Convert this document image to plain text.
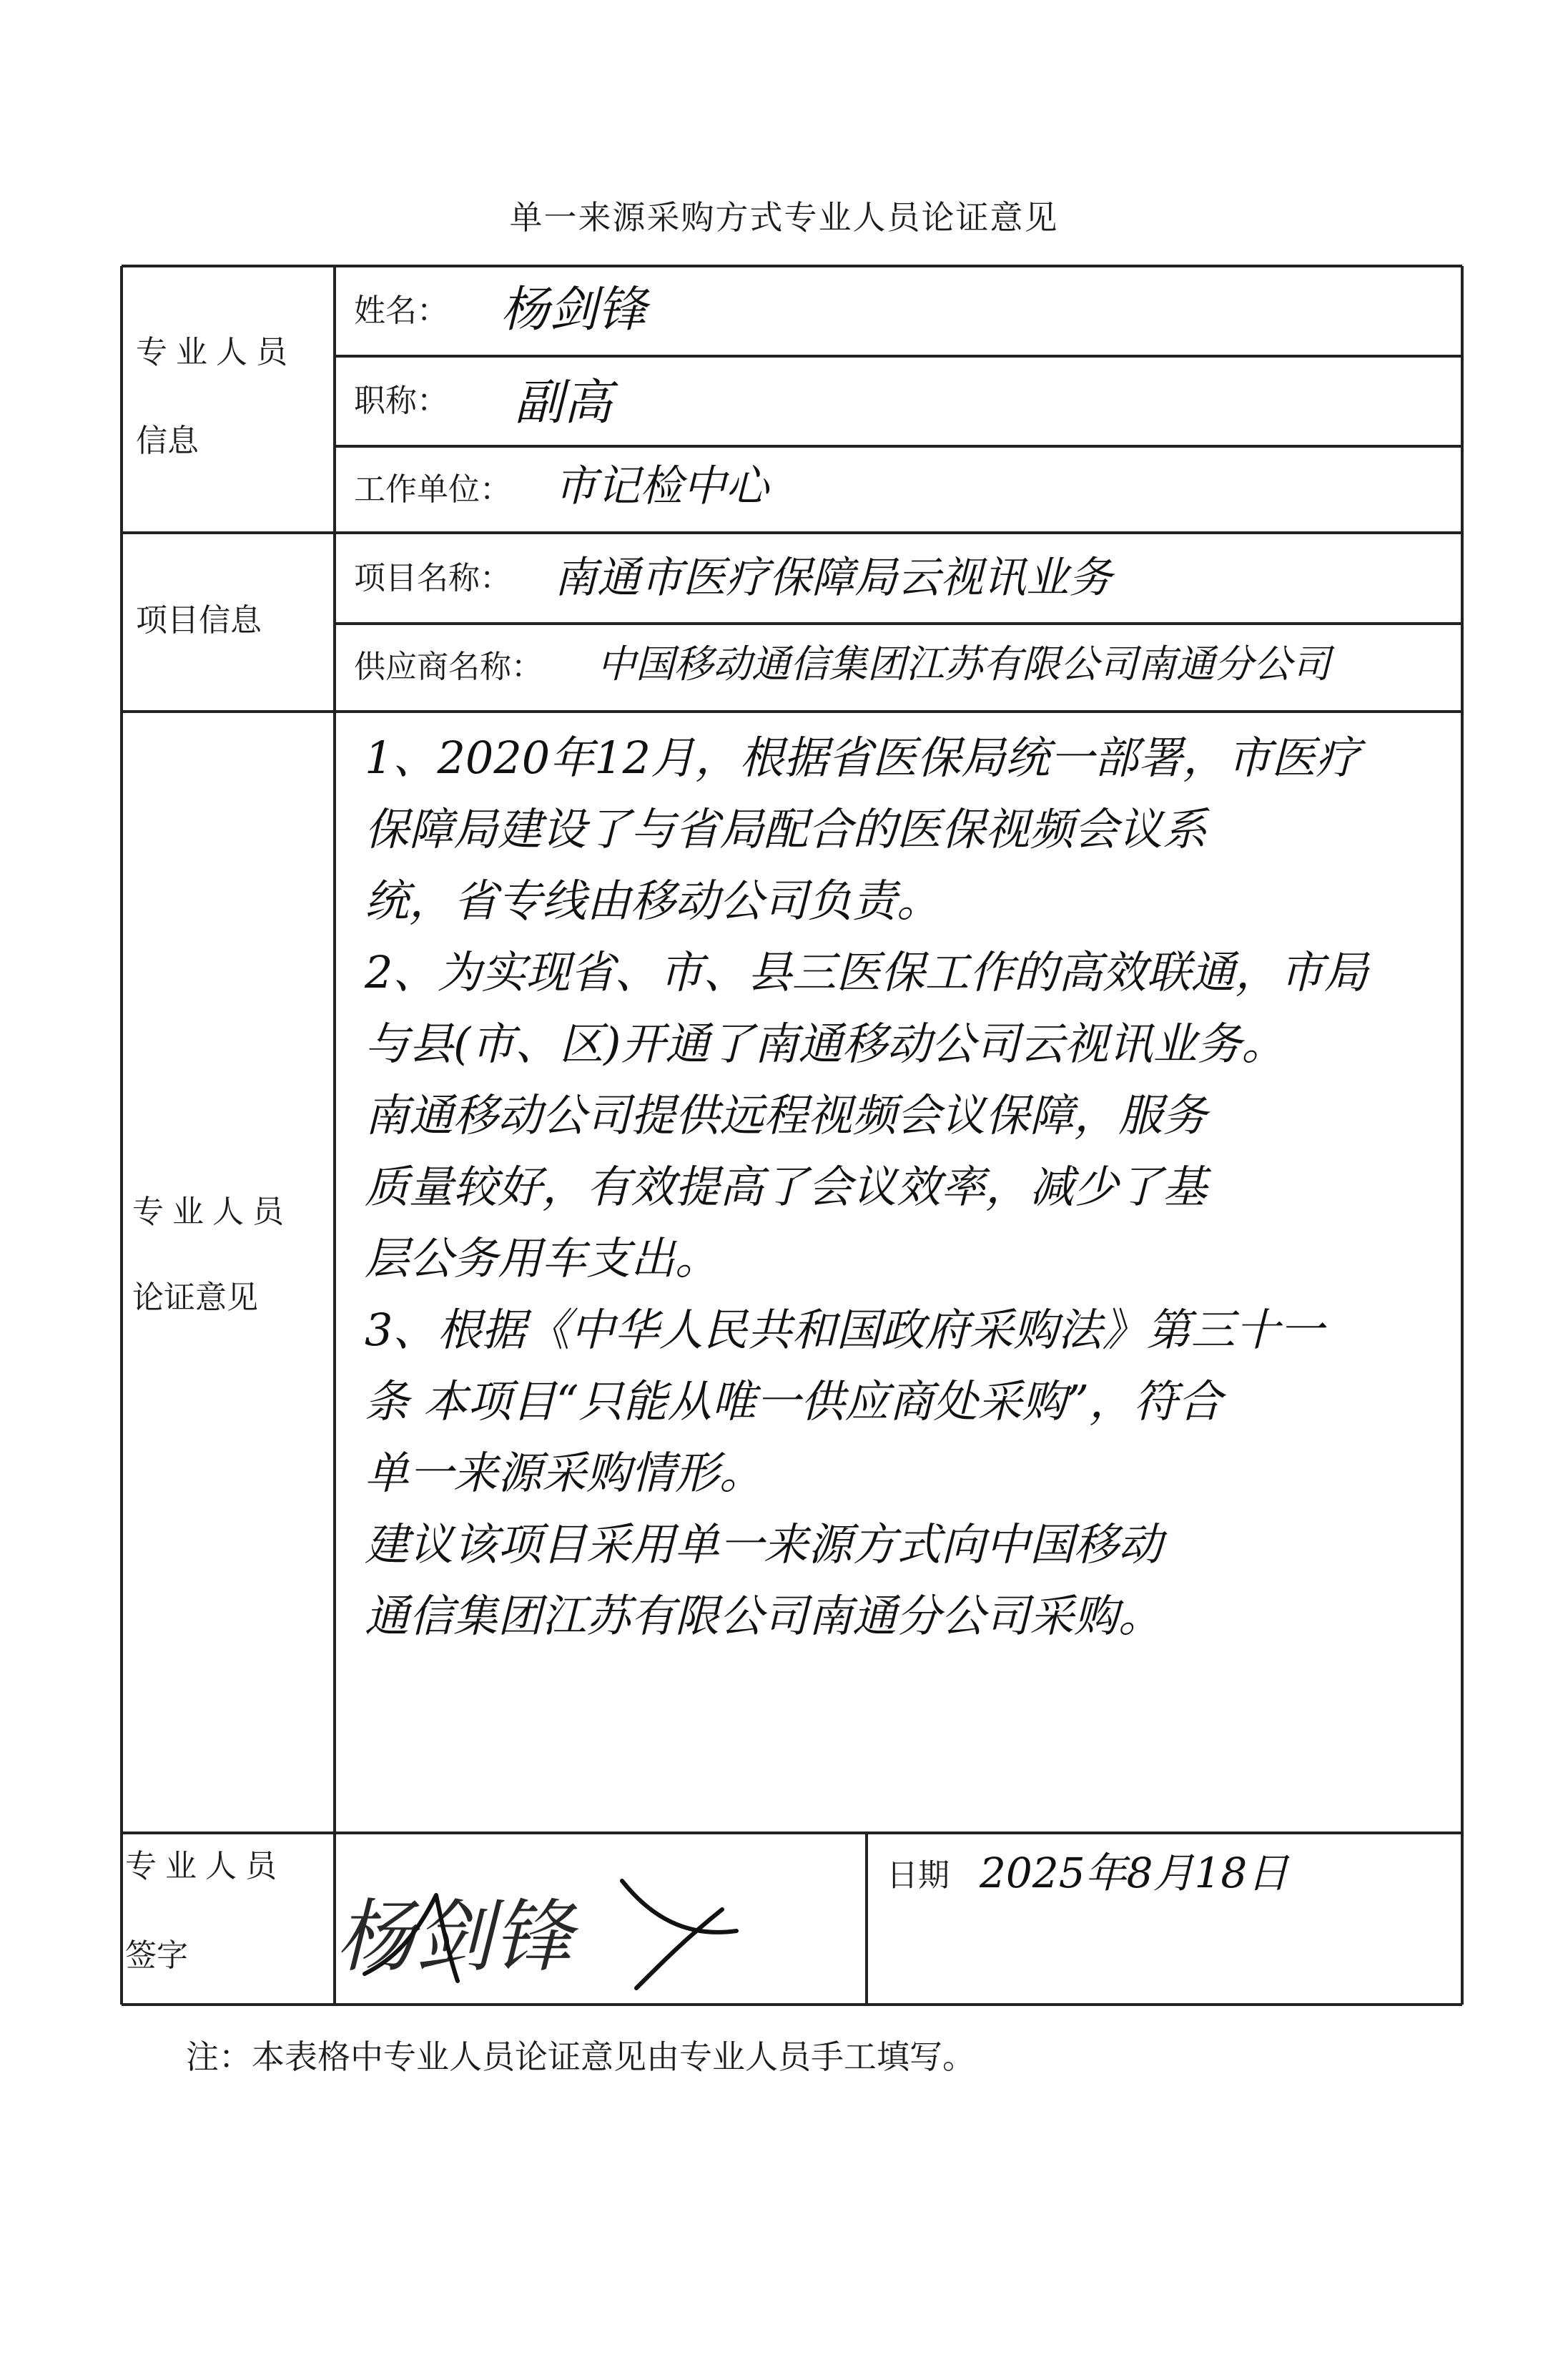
单一来源采购方式专业人员论证意见
专业人员
信息
姓名： 杨剑锋
职称： 副高
工作单位： 市记检中心
项目信息
项目名称： 南通市医疗保障局云视讯业务
供应商名称： 中国移动通信集团江苏有限公司南通分公司
专业人员
论证意见
1、2020年12月，根据省医保局统一部署，市医疗
保障局建设了与省局配合的医保视频会议系
统，省专线由移动公司负责。
2、为实现省、市、县三医保工作的高效联通，市局
与县(市、区)开通了南通移动公司云视讯业务。
南通移动公司提供远程视频会议保障，服务
质量较好，有效提高了会议效率，减少了基
层公务用车支出。
3、根据《中华人民共和国政府采购法》第三十一
条 本项目“只能从唯一供应商处采购”，符合
单一来源采购情形。
建议该项目采用单一来源方式向中国移动
通信集团江苏有限公司南通分公司采购。
专业人员
签字 杨剑锋
日期 2025年8月18日
注：本表格中专业人员论证意见由专业人员手工填写。
